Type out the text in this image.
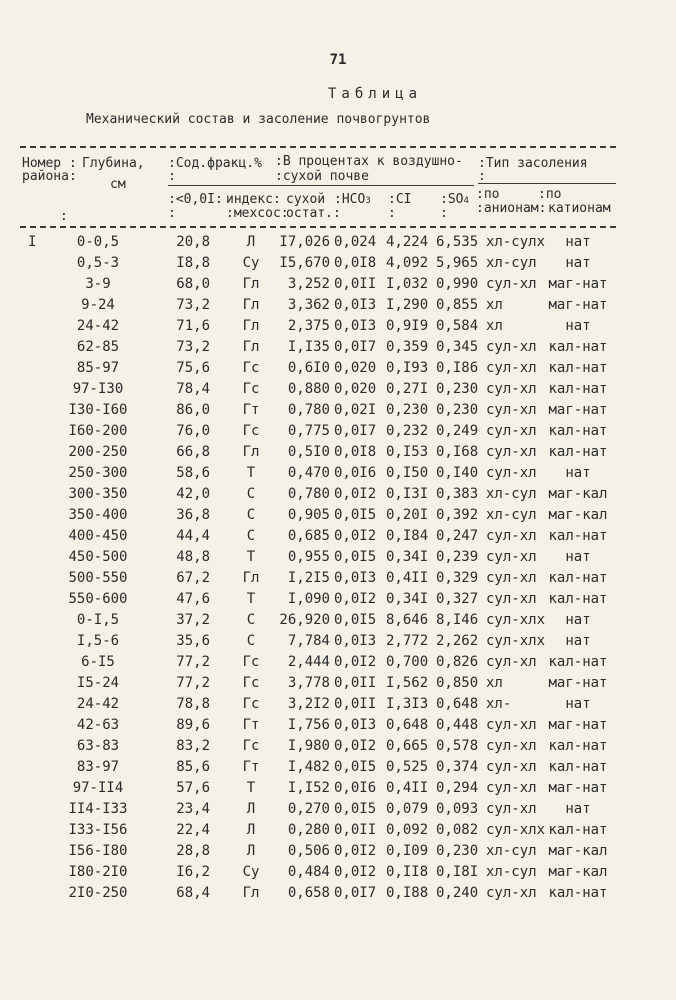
71
Таблица
Механический состав и засоление почвогрунтов
Номер : Глубина, :Сод.фракц.% :В процентах к воздушно- :Тип засоления
района:
см
:	:сухой почве	:
:<0,0I: индекс: сухой :HCO3 :CI :SO4 :по	:по
:	:	:мехсос:
остат.:	:	: :анионам: катионам
I	0-0,5	20,8	Л	I7,026 0,024 4,224 6,535 хл-сулх	нат
0,5-3	I8,8	Су	I5,670 0,0I8 4,092 5,965 хл-сул	нат
3-9	68,0	Гл	3,252 0,0II I,032 0,990 сул-хл маг-нат
9-24	73,2	Гл	3,362 0,0I3 I,290 0,855 хл	маг-нат
24-42	71,6	Гл	2,375 0,0I3 0,9I9 0,584 хл	нат
62-85	73,2	Гл	I,I35 0,0I7 0,359 0,345 сул-хл кал-нат
85-97	75,6	Гс	0,6I0 0,020 0,I93 0,I86 сул-хл кал-нат
97-I30	78,4	Гс	0,880 0,020 0,27I 0,230 сул-хл кал-нат
I30-I60	86,0	Гт	0,780 0,02I 0,230 0,230 сул-хл маг-нат
I60-200	76,0	Гс	0,775 0,0I7 0,232 0,249 сул-хл кал-нат
200-250	66,8	Гл	0,5I0 0,0I8 0,I53 0,I68 сул-хл кал-нат
250-300	58,6	Т	0,470 0,0I6 0,I50 0,I40 сул-хл	нат
300-350	42,0	С	0,780 0,0I2 0,I3I 0,383 хл-сул маг-кал
350-400	36,8	С	0,905 0,0I5 0,20I 0,392 хл-сул маг-кал
400-450	44,4	С	0,685 0,0I2 0,I84 0,247 сул-хл кал-нат
450-500	48,8	Т	0,955 0,0I5 0,34I 0,239 сул-хл	нат
500-550	67,2	Гл	I,2I5 0,0I3 0,4II 0,329 сул-хл кал-нат
550-600	47,6	Т	I,090 0,0I2 0,34I 0,327 сул-хл кал-нат
0-I,5	37,2	С	26,920 0,0I5 8,646 8,I46 сул-хлх	нат
I,5-6	35,6	С	7,784 0,0I3 2,772 2,262 сул-хлх	нат
6-I5	77,2	Гс	2,444 0,0I2 0,700 0,826 сул-хл кал-нат
I5-24	77,2	Гс	3,778 0,0II I,562 0,850 хл	маг-нат
24-42	78,8	Гс	3,2I2 0,0II I,3I3 0,648 хл-	нат
42-63	89,6	Гт	I,756 0,0I3 0,648 0,448 сул-хл маг-нат
63-83	83,2	Гс	I,980 0,0I2 0,665 0,578 сул-хл кал-нат
83-97	85,6	Гт	I,482 0,0I5 0,525 0,374 сул-хл кал-нат
97-II4	57,6	Т	I,I52 0,0I6 0,4II 0,294 сул-хл маг-нат
II4-I33	23,4	Л	0,270 0,0I5 0,079 0,093 сул-хл	нат
I33-I56	22,4	Л	0,280 0,0II 0,092 0,082 сул-хлх кал-нат
I56-I80	28,8	Л	0,506 0,0I2 0,I09 0,230 хл-сул маг-кал
I80-2I0	I6,2	Су	0,484 0,0I2 0,II8 0,I8I хл-сул маг-кал
2I0-250	68,4	Гл	0,658 0,0I7 0,I88 0,240 сул-хл кал-нат
